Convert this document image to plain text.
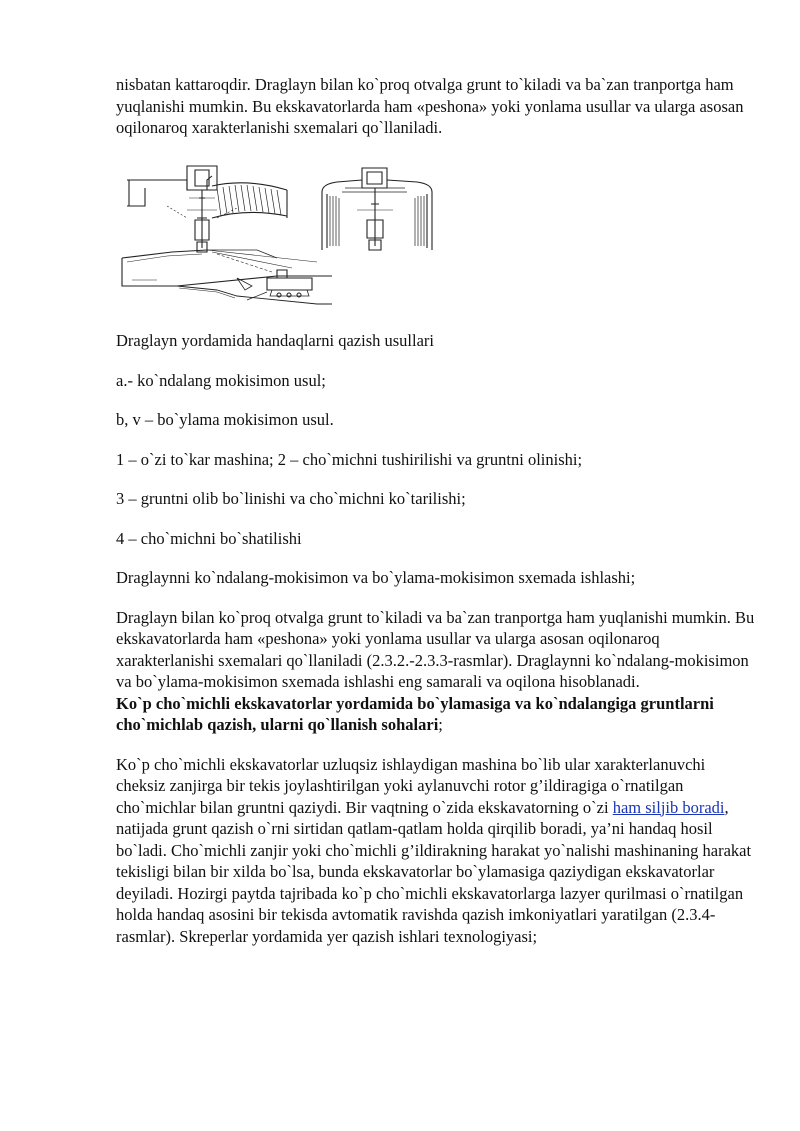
nisbatan kattaroqdir. Draglayn bilan ko`proq otvalga grunt to`kiladi va ba`zan tranportga ham yuqlanishi mumkin. Bu ekskavatorlarda ham «peshona» yoki yonlama usullar va ularga asosan oqilonaroq xarakterlanishi sxemalari qo`llaniladi.

Draglayn yordamida handaqlarni qazish usullari

a.- ko`ndalang mokisimon usul;

b, v – bo`ylama mokisimon usul.

1 – o`zi to`kar mashina; 2 – cho`michni tushirilishi va gruntni olinishi;

3 – gruntni olib bo`linishi va cho`michni ko`tarilishi;

4 – cho`michni bo`shatilishi

Draglaynni ko`ndalang-mokisimon va bo`ylama-mokisimon sxemada ishlashi;

Draglayn bilan ko`proq otvalga grunt to`kiladi va ba`zan tranportga ham yuqlanishi mumkin. Bu ekskavatorlarda ham «peshona» yoki yonlama usullar va ularga asosan oqilonaroq xarakterlanishi sxemalari qo`llaniladi (2.3.2.-2.3.3-rasmlar). Draglaynni ko`ndalang-mokisimon va bo`ylama-mokisimon sxemada ishlashi eng samarali va oqilona hisoblanadi.

Ko`p cho`michli ekskavatorlar yordamida bo`ylamasiga va ko`ndalangiga gruntlarni cho`michlab qazish, ularni qo`llanish sohalari;

Ko`p cho`michli ekskavatorlar uzluqsiz ishlaydigan mashina bo`lib ular xarakterlanuvchi cheksiz zanjirga bir tekis joylashtirilgan yoki aylanuvchi rotor g’ildiragiga o`rnatilgan cho`michlar bilan gruntni qaziydi. Bir vaqtning o`zida ekskavatorning o`zi ham siljib boradi, natijada grunt qazish o`rni sirtidan qatlam-qatlam holda qirqilib boradi, ya’ni handaq hosil bo`ladi. Cho`michli zanjir yoki cho`michli g’ildirakning harakat yo`nalishi mashinaning harakat tekisligi bilan bir xilda bo`lsa, bunda ekskavatorlar bo`ylamasiga qaziydigan ekskavatorlar deyiladi. Hozirgi paytda tajribada ko`p cho`michli ekskavatorlarga lazyer qurilmasi o`rnatilgan holda handaq asosini bir tekisda avtomatik ravishda qazish imkoniyatlari yaratilgan (2.3.4-rasmlar). Skreperlar yordamida yer qazish ishlari texnologiyasi;
